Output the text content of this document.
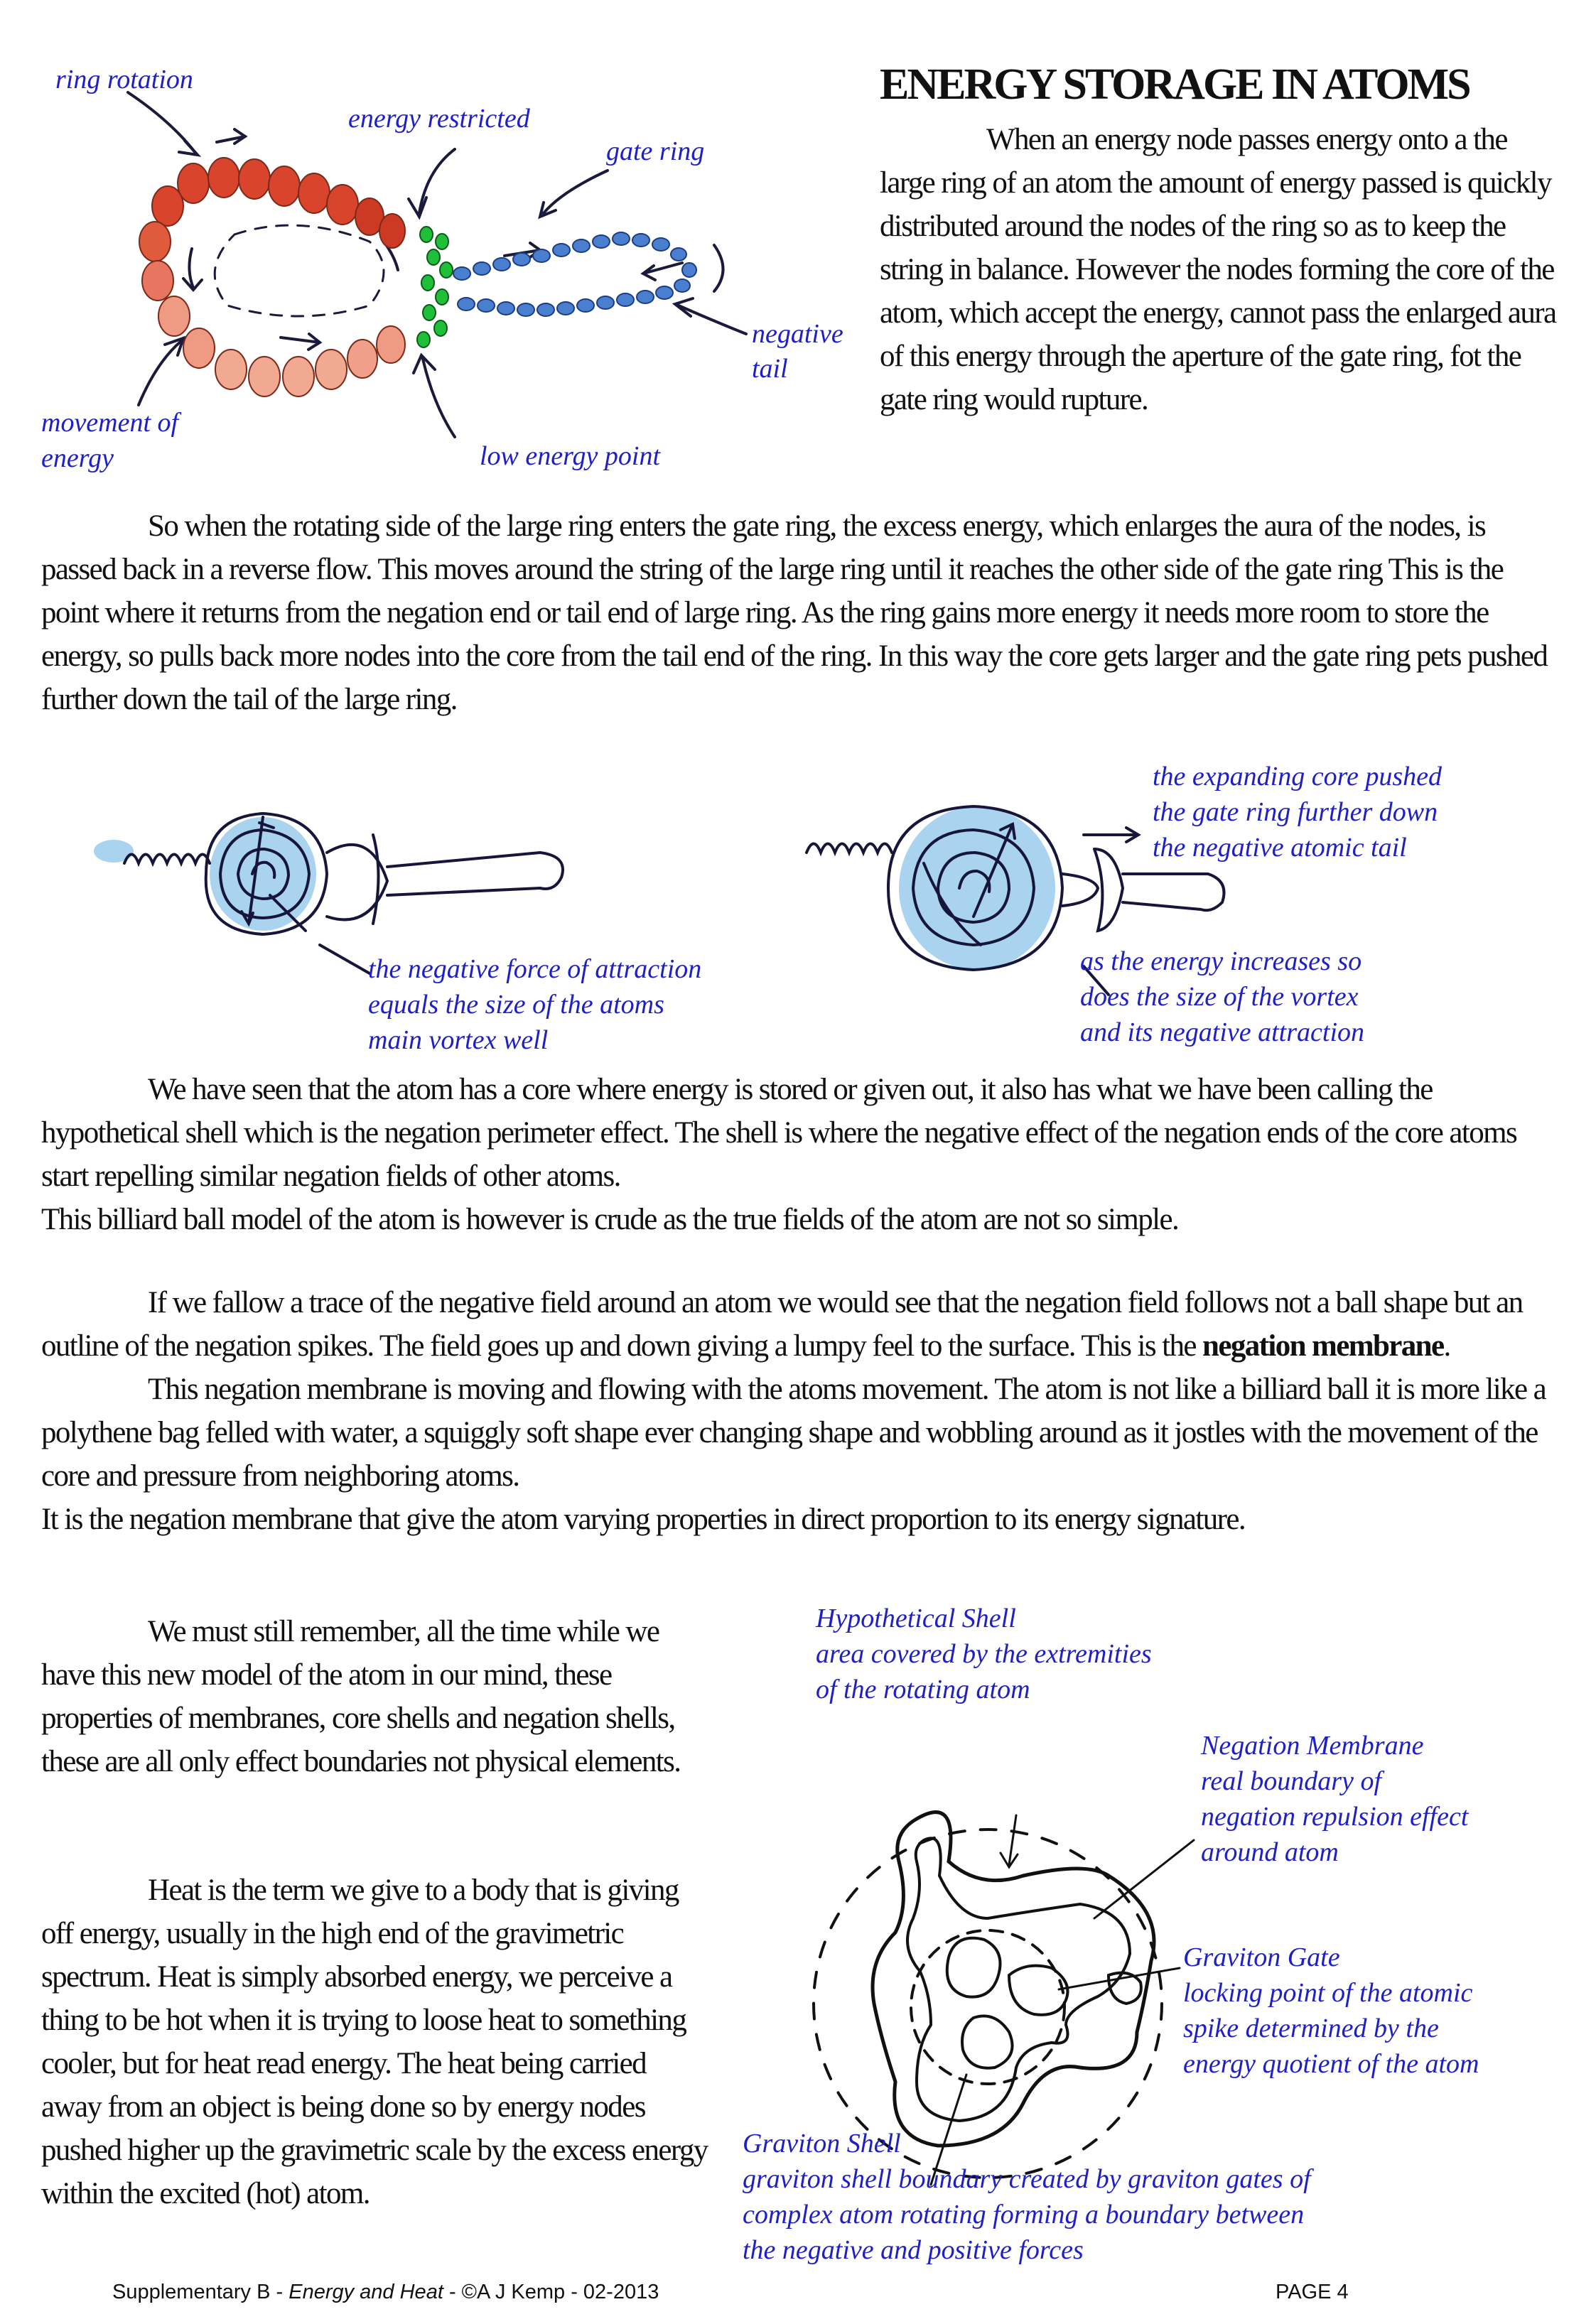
ring rotation
energy restricted
gate ring
negative
tail
movement of
energy	low energy point
ENERGY STORAGE IN ATOMS

When an energy node passes energy onto a the large ring of an atom the amount of energy passed is quickly distributed around the nodes of the ring so as to keep the string in balance. However the nodes forming the core of the atom, which accept the energy, cannot pass the enlarged aura of this energy through the aperture of the gate ring, fot the gate ring would rupture.

So when the rotating side of the large ring enters the gate ring, the excess energy, which enlarges the aura of the nodes, is passed back in a reverse flow. This moves around the string of the large ring until it reaches the other side of the gate ring This is the point where it returns from the negation end or tail end of large ring. As the ring gains more energy it needs more room to store the energy, so pulls back more nodes into the core from the tail end of the ring. In this way the core gets larger and the gate ring pets pushed further down the tail of the large ring.

the negative force of attraction
equals the size of the atoms
main vortex well
the expanding core pushed
the gate ring further down
the negative atomic tail
as the energy increases so
does the size of the vortex
and its negative attraction

We have seen that the atom has a core where energy is stored or given out, it also has what we have been calling the hypothetical shell which is the negation perimeter effect. The shell is where the negative effect of the negation ends of the core atoms start repelling similar negation fields of other atoms.

This billiard ball model of the atom is however is crude as the true fields of the atom are not so simple.

If we fallow a trace of the negative field around an atom we would see that the negation field follows not a ball shape but an outline of the negation spikes. The field goes up and down giving a lumpy feel to the surface. This is the negation membrane.

This negation membrane is moving and flowing with the atoms movement. The atom is not like a billiard ball it is more like a polythene bag felled with water, a squiggly soft shape ever changing shape and wobbling around as it jostles with the movement of the core and pressure from neighboring atoms.

It is the negation membrane that give the atom varying properties in direct proportion to its energy signature.

We must still remember, all the time while we have this new model of the atom in our mind, these properties of membranes, core shells and negation shells, these are all only effect boundaries not physical elements.

Heat is the term we give to a body that is giving off energy, usually in the high end of the gravimetric spectrum. Heat is simply absorbed energy, we perceive a thing to be hot when it is trying to loose heat to something cooler, but for heat read energy. The heat being carried away from an object is being done so by energy nodes pushed higher up the gravimetric scale by the excess energy within the excited (hot) atom.

Hypothetical Shell
area covered by the extremities
of the rotating atom
Negation Membrane
real boundary of
negation repulsion effect
around atom
Graviton Gate
locking point of the atomic
spike determined by the
energy quotient of the atom
Graviton Shell
graviton shell boundary created by graviton gates of
complex atom rotating forming a boundary between
the negative and positive forces
Supplementary B - Energy and Heat - ©A J Kemp - 02-2013	PAGE 4
